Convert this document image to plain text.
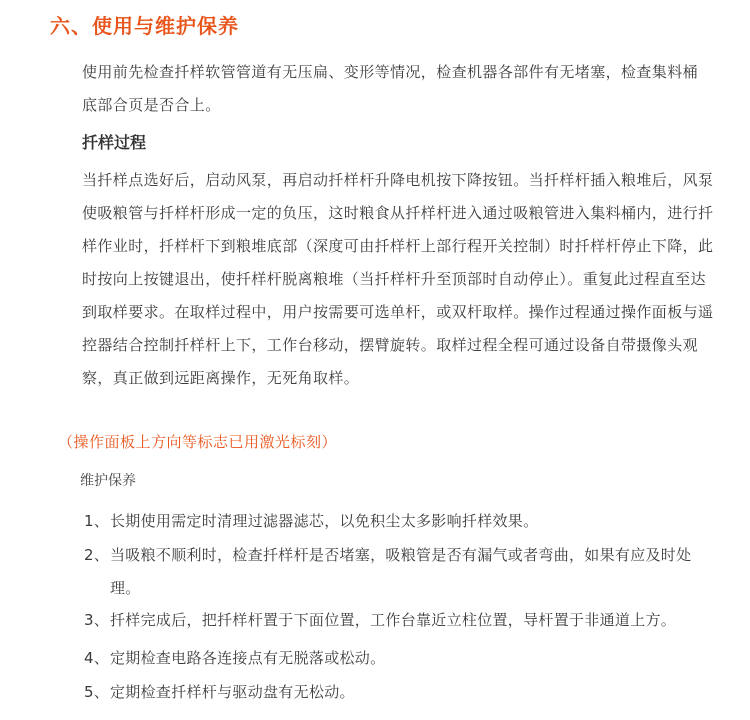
六、使用与维护保养
使用前先检查扦样软管管道有无压扁、变形等情况，检查机器各部件有无堵塞，检查集料桶底部合页是否合上。
扦样过程
当扦样点选好后，启动风泵，再启动扦样杆升降电机按下降按钮。当扦样杆插入粮堆后，风泵使吸粮管与扦样杆形成一定的负压，这时粮食从扦样杆进入通过吸粮管进入集料桶内，进行扦样作业时，扦样杆下到粮堆底部（深度可由扦样杆上部行程开关控制）时扦样杆停止下降，此时按向上按键退出，使扦样杆脱离粮堆（当扦样杆升至顶部时自动停止）。重复此过程直至达到取样要求。在取样过程中，用户按需要可选单杆，或双杆取样。操作过程通过操作面板与遥控器结合控制扦样杆上下，工作台移动，摆臂旋转。取样过程全程可通过设备自带摄像头观察，真正做到远距离操作，无死角取样。
（操作面板上方向等标志已用激光标刻）
维护保养
1、 长期使用需定时清理过滤器滤芯，以免积尘太多影响扦样效果。
2、 当吸粮不顺利时，检查扦样杆是否堵塞，吸粮管是否有漏气或者弯曲，如果有应及时处理。
3、 扦样完成后，把扦样杆置于下面位置，工作台靠近立柱位置，导杆置于非通道上方。
4、 定期检查电路各连接点有无脱落或松动。
5、 定期检查扦样杆与驱动盘有无松动。
